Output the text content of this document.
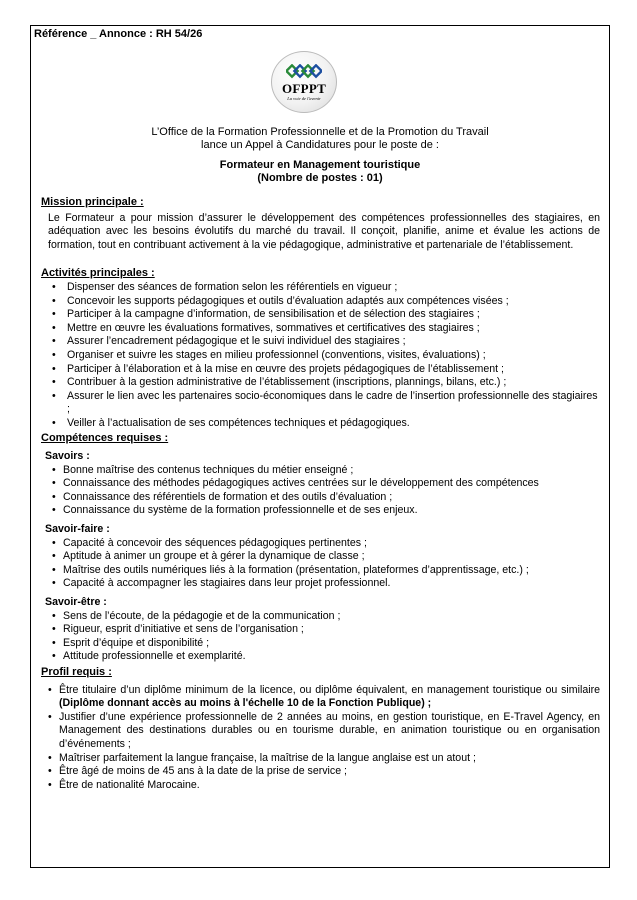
Référence _ Annonce : RH 54/26
OFPPT
La voie de l'avenir
L’Office de la Formation Professionnelle et de la Promotion du Travail
lance un Appel à Candidatures pour le poste de :
Formateur en Management touristique
(Nombre de postes : 01)
Mission principale :

Le Formateur a pour mission d’assurer le développement des compétences professionnelles des stagiaires, en adéquation avec les besoins évolutifs du marché du travail. Il conçoit, planifie, anime et évalue les actions de formation, tout en contribuant activement à la vie pédagogique, administrative et partenariale de l’établissement.

Activités principales :
• Dispenser des séances de formation selon les référentiels en vigueur ;
• Concevoir les supports pédagogiques et outils d’évaluation adaptés aux compétences visées ;
• Participer à la campagne d’information, de sensibilisation et de sélection des stagiaires ;
• Mettre en œuvre les évaluations formatives, sommatives et certificatives des stagiaires ;
• Assurer l’encadrement pédagogique et le suivi individuel des stagiaires ;
• Organiser et suivre les stages en milieu professionnel (conventions, visites, évaluations) ;
• Participer à l’élaboration et à la mise en œuvre des projets pédagogiques de l’établissement ;
• Contribuer à la gestion administrative de l’établissement (inscriptions, plannings, bilans, etc.) ;
• Assurer le lien avec les partenaires socio-économiques dans le cadre de l’insertion professionnelle des stagiaires ;
• Veiller à l’actualisation de ses compétences techniques et pédagogiques.
Compétences requises :
Savoirs :
• Bonne maîtrise des contenus techniques du métier enseigné ;
• Connaissance des méthodes pédagogiques actives centrées sur le développement des compétences
• Connaissance des référentiels de formation et des outils d’évaluation ;
• Connaissance du système de la formation professionnelle et de ses enjeux.
Savoir-faire :
• Capacité à concevoir des séquences pédagogiques pertinentes ;
• Aptitude à animer un groupe et à gérer la dynamique de classe ;
• Maîtrise des outils numériques liés à la formation (présentation, plateformes d’apprentissage, etc.) ;
• Capacité à accompagner les stagiaires dans leur projet professionnel.
Savoir-être :
• Sens de l’écoute, de la pédagogie et de la communication ;
• Rigueur, esprit d’initiative et sens de l’organisation ;
• Esprit d’équipe et disponibilité ;
• Attitude professionnelle et exemplarité.
Profil requis :
• Être titulaire d’un diplôme minimum de la licence, ou diplôme équivalent, en management touristique ou similaire (Diplôme donnant accès au moins à l'échelle 10 de la Fonction Publique) ;
• Justifier d’une expérience professionnelle de 2 années au moins, en gestion touristique, en E-Travel Agency, en Management des destinations durables ou en tourisme durable, en animation touristique ou en organisation d’événements ;
• Maîtriser parfaitement la langue française, la maîtrise de la langue anglaise est un atout ;
• Être âgé de moins de 45 ans à la date de la prise de service ;
• Être de nationalité Marocaine.
